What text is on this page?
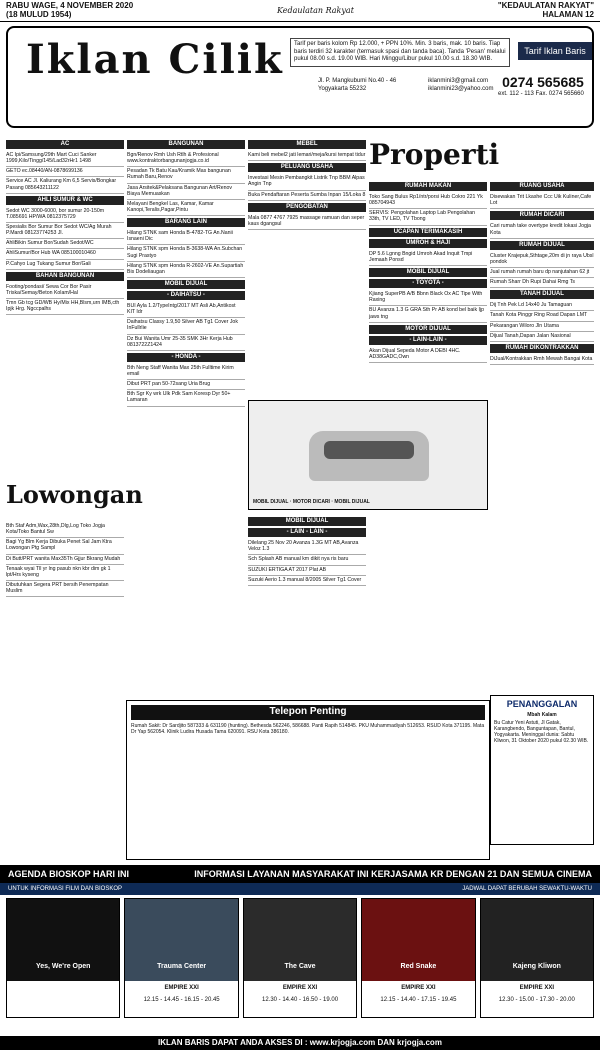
RABU WAGE, 4 NOVEMBER 2020
(18 MULUD 1954)	Kedaulatan Rakyat
"KEDAULATAN RAKYAT"
HALAMAN 12
Iklan Cilik	Tarif per baris kolom Rp 12.000, + PPN 10%. Min. 3 baris, mak. 10 baris. Tiap baris terdiri 32 karakter (termasuk spasi dan tanda baca). Tanda 'Pesan' melalui pukul 08.00 s.d. 19.00 WIB. Hari Minggu/Libur pukul 10.00 s.d. 18.30 WIB.
Tarif Iklan Baris
Jl. P. Mangkubumi No.40 - 46
Yogyakarta 55232
iklanmini3@gmail.com
iklanmini23@yahoo.com 0274 565685
ext. 112 - 113 Fax. 0274 565660
AC
AC Ipi/Samsung/29th Mart Cuci Sanker 1999,Kilo/Tingg/145/Lad32rHr1 1498
GETO ec.08440/AN-0878699136
Service AC Jl. Kaliurang Km 6,5 Servis/Bongkar Pasang 085643211122
AHLI SUMUR & WC
Sedot WC 3000-6000, bor sumur 20-150m T.085691 HP/WA 0812375729
Spesialis Bor Sumur Bor Sedot WC/Ag Murah P.Mardi 08123774253 Jl.
AhliBikin Sumur Bor/Sudah Sedot/WC
AhliSumur/Bor Hub WA 085100010460
P.Cahyo Lug Tukang Sumur Bor/Gali
BAHAN BANGUNAN
Footing/pondasi/ Sewa Cor Bor Pasir Triska/Semay/Beton Kolam/Hal
Tmn Gb tcg GD/WB Hy/Mix HH,Blsm,urn IMB,cth Ipjk Hrg. Ngccpalhs
Lowongan
Bth Staf Adm,Wax,28th,Dlg,Log Toko Jogja Kota/Toko Bantul Sw
Bagi Yg Blm Kerja Dibuka Penet Sal Jam Ktra Lowongan Ptg Sampl
Di Butt/PRT wanita Max35Th Gjjur Bkrang Mudah
Tenaak wyai Tll yr lng pasub nkn kbr dim gk 1 lpt/Hrs kyseng
Dibutuhkan Segera PRT bersih Penempatan Muslim
BANGUNAN
Bgn/Renov Rmh Ush Rtlh & Profesional www.kontraktorbangunanjogja.co.id
Pesadan Tk Batu Kau/Kramik Mas bangunan Rumah Baru,Renov
Jasa Arsitek&Pelaksana Bangunan Art/Renov Biaya Memuaskan
Melayani Bengkel Las, Kamar, Kamar Kanopi,Teralis,Pagar,Pintu
BARANG LAIN
Hilang STNK sam Honda B-4782-TG An.Nanii Isnaeni Dic
Hilang STNK spm Honda B-3638-WA An.Subchan Sugi Prastyo
Hilang STNK spm Honda R-2602-VE An.Supartiah Bis Dodeliaugan
MOBIL DIJUAL
- DAIHATSU -
BUI Ayla 1.2/TypeIntg/2017 MT Asli Ab,Antikost KIT Idr
Daihatsu Classy 1.9,50 Silver AB Tg1 Cover Jok InFullrlie
Dz Bui Wanita Umr 25-35 SMK 3Hr Kerja Hub 0813722Z1424
- HONDA -
Bth Neng Staff Wanita Max 25th Fulltime Kirim email
Dibut PRT pan 50-72sang Uria Brug
Bth Sgr Ky wrk Ulk Pdk Sam Koresp Dyr 50+ Lamaran
MEBEL
Kami beli mebel2 jati lemari/meja/kursi tempat tidur
PELUANG USAHA
Investasi Mesin Pembangkit Listrik Tnp BBM Alpas Angin Tnp
Buka Pendaftaran Peserta Sumba Inpan 15/Loka 8
PENGOBATAN
Mala 0877 4767 7925 massage ramuan dan seper kaus dgangsul
MOBIL DIJUAL · MOTOR DICARI · MOBIL DIJUAL
MOBIL DIJUAL
- LAIN - LAIN -
Dilelang 25 Nov 20 Avanza 1.3G MT AB,Avanza Veloz 1.3
Sch Splash AB manual km dikit nya ris baru
SUZUKI ERTIGA AT 2017 Plat AB
Suzuki Aerio 1.3 manual 8/2005 Silver Tg1 Cover
Properti
RUMAH MAKAN
Toko Sang Bulus Rp1/ntr/porsi Hub Cokro 221 Yk 085704943
SERVIS: Pengolahan Laptop Lab Pengolahan 33th, TV LED, TV Tbong
UCAPAN TERIMAKASIH
UMROH & HAJI
DP 5.6 Lgnng Bngid Umroh Akad Inquit Tmpi Jemaah Ponsd
MOBIL DIJUAL
- TOYOTA -
Kjiang SuperPB A/B Bbnn Black Ox AC Tipe With Raxing
BU Avanza 1.3 G GRA Sth Pr AB kond bel baik Ijp jaws tng
MOTOR DIJUAL
- LAIN-LAIN -
Akan Dijual Sepeda Motor A DEBI 4HC. AD38GADC,Own
RUANG USAHA
Disewakan Trit Lkashe Ccc Uik Kuliner,Cafe Lot
RUMAH DICARI
Cari rumah take overtype kredit lokasi Jogja Kota
RUMAH DIJUAL
Cluster Krajepuk,Sthtage,20m di jn raya Ubsl pondok
Jual rumah rumah baru dp nanjutahan 62 jt
Rumah Sharr Dh Rupi Dahai Rmg Ts
TANAH DIJUAL
Dij Tnh Pek Ld 14x40 Ju Tamaguan
Tanah Kota Pinggr Ring Road Dapan LMT
Pekarangan Wiloro Jln Utama
Dijual Tanah,Dapan Jalan Nasional
RUMAH DIKONTRAKKAN
DiJual/Kontrakkan Rmh Mewah Bangai Kota
Telepon Penting
Rumah Sakit: Dr Sardjito 587333 & 631190 (hunting). Bethesda 562246, 586688. Panti Rapih 514845. PKU Muhammadiyah 512653. RSUD Kota 371195. Mata Dr Yap 562054. Klinik Ludira Husada Tama 620091. RSU Kota 386180.
PENANGGALAN
Mbah Kalam
Bu Catur Yeni Astuti, Jl Gatak, Karangbendo, Banguntapan, Bantul, Yogyakarta. Meninggal dunia: Sabtu Kliwon, 31 Oktober 2020 pukul 02.30 WIB.
AGENDA BIOSKOP HARI INI	INFORMASI LAYANAN MASYARAKAT INI KERJASAMA KR DENGAN 21 DAN SEMUA CINEMA
UNTUK INFORMASI FILM DAN BIOSKOP	JADWAL DAPAT BERUBAH SEWAKTU-WAKTU
Yes, We're Open	Trauma Center
EMPIRE XXI
12.15 - 14.45 - 16.15 - 20.45
The Cave
EMPIRE XXI
12.30 - 14.40 - 16.50 - 19.00
Red Snake
EMPIRE XXI
12.15 - 14.40 - 17.15 - 19.45
Kajeng Kliwon
EMPIRE XXI
12.30 - 15.00 - 17.30 - 20.00
IKLAN BARIS DAPAT ANDA AKSES DI : www.krjogja.com DAN krjogja.com
